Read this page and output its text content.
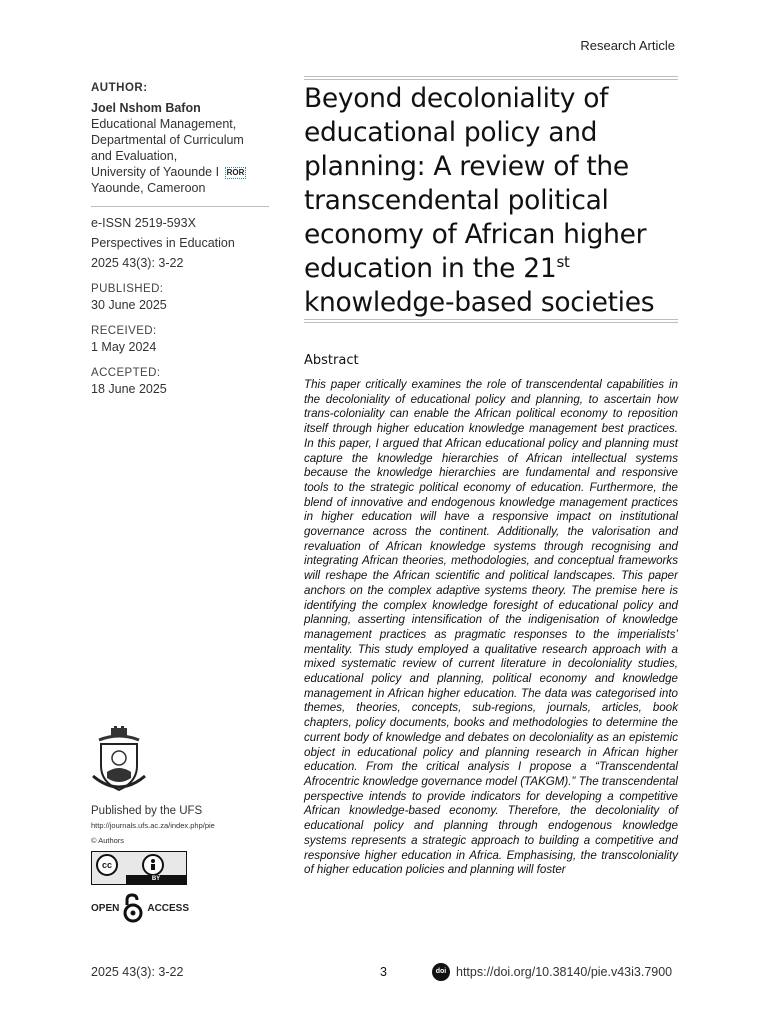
Research Article
AUTHOR:
Joel Nshom Bafon
Educational Management,
Departmental of Curriculum
and Evaluation,
University of Yaounde I ROR
Yaounde, Cameroon
e-ISSN 2519-593X
Perspectives in Education
2025 43(3): 3-22
PUBLISHED:
30 June 2025
RECEIVED:
1 May 2024
ACCEPTED:
18 June 2025
Published by the UFS
http://journals.ufs.ac.za/index.php/pie
© Authors
cc
BY
OPEN	ACCESS
Beyond decoloniality of educational policy and planning: A review of the transcendental political economy of African higher education in the 21st knowledge-based societies
Abstract

This paper critically examines the role of transcendental capabilities in the decoloniality of educational policy and planning, to ascertain how trans-coloniality can enable the African political economy to reposition itself through higher education knowledge management best practices. In this paper, I argued that African educational policy and planning must capture the knowledge hierarchies of African intellectual systems because the knowledge hierarchies are fundamental and responsive tools to the strategic political economy of education. Furthermore, the blend of innovative and endogenous knowledge management practices in higher education will have a responsive impact on institutional governance across the continent. Additionally, the valorisation and revaluation of African knowledge systems through recognising and integrating African theories, methodologies, and conceptual frameworks will reshape the African scientific and political landscapes. This paper anchors on the complex adaptive systems theory. The premise here is identifying the complex knowledge foresight of educational policy and planning, asserting intensification of the indigenisation of knowledge management practices as pragmatic responses to the imperialists’ mentality. This study employed a qualitative research approach with a mixed systematic review of current literature in decoloniality studies, educational policy and planning, political economy and knowledge management in African higher education. The data was categorised into themes, theories, concepts, sub-regions, journals, articles, book chapters, policy documents, books and methodologies to determine the current body of knowledge and debates on decoloniality as an epistemic object in educational policy and planning research in African higher education. From the critical analysis I propose a “Transcendental Afrocentric knowledge governance model (TAKGM).” The transcendental perspective intends to provide indicators for developing a competitive African knowledge-based economy. Therefore, the decoloniality of educational policy and planning through endogenous knowledge systems represents a strategic approach to building a competitive and responsive higher education in Africa. Emphasising, the transcoloniality of higher education policies and planning will foster

2025 43(3): 3-22	3	doi https://doi.org/10.38140/pie.v43i3.7900
